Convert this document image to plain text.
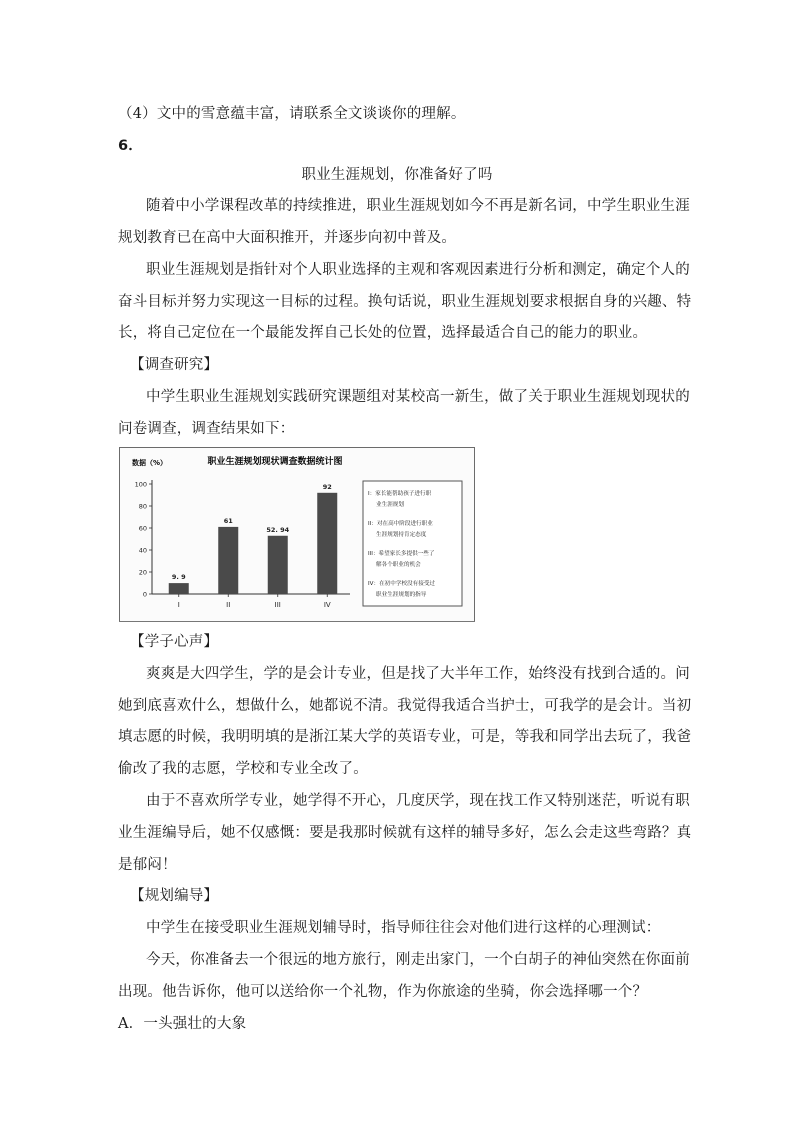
（4）文中的雪意蕴丰富，请联系全文谈谈你的理解。
6．
职业生涯规划，你准备好了吗
随着中小学课程改革的持续推进，职业生涯规划如今不再是新名词，中学生职业生涯
规划教育已在高中大面积推开，并逐步向初中普及。
职业生涯规划是指针对个人职业选择的主观和客观因素进行分析和测定，确定个人的
奋斗目标并努力实现这一目标的过程。换句话说，职业生涯规划要求根据自身的兴趣、特
长，将自己定位在一个最能发挥自己长处的位置，选择最适合自己的能力的职业。
【调查研究】
中学生职业生涯规划实践研究课题组对某校高一新生，做了关于职业生涯规划现状的
问卷调查，调查结果如下：
数据（%）	职业生涯规划现状调查数据统计图
0
20
40
60
80
100
I	II	III	IV
9. 9
61
52. 94
92
I：家长能帮助孩子进行职
业生涯规划
II：对在高中阶段进行职业
生涯规划持肯定态度
III：希望家长多提供一些了
解各个职业的机会
IV：在初中学校没有接受过
职业生涯规划的指导
【学子心声】
爽爽是大四学生，学的是会计专业，但是找了大半年工作，始终没有找到合适的。问
她到底喜欢什么，想做什么，她都说不清。我觉得我适合当护士，可我学的是会计。当初
填志愿的时候，我明明填的是浙江某大学的英语专业，可是，等我和同学出去玩了，我爸
偷改了我的志愿，学校和专业全改了。
由于不喜欢所学专业，她学得不开心，几度厌学，现在找工作又特别迷茫，听说有职
业生涯编导后，她不仅感慨：要是我那时候就有这样的辅导多好，怎么会走这些弯路？真
是郁闷！
【规划编导】
中学生在接受职业生涯规划辅导时，指导师往往会对他们进行这样的心理测试：
今天，你准备去一个很远的地方旅行，刚走出家门，一个白胡子的神仙突然在你面前
出现。他告诉你，他可以送给你一个礼物，作为你旅途的坐骑，你会选择哪一个？
A．一头强壮的大象
